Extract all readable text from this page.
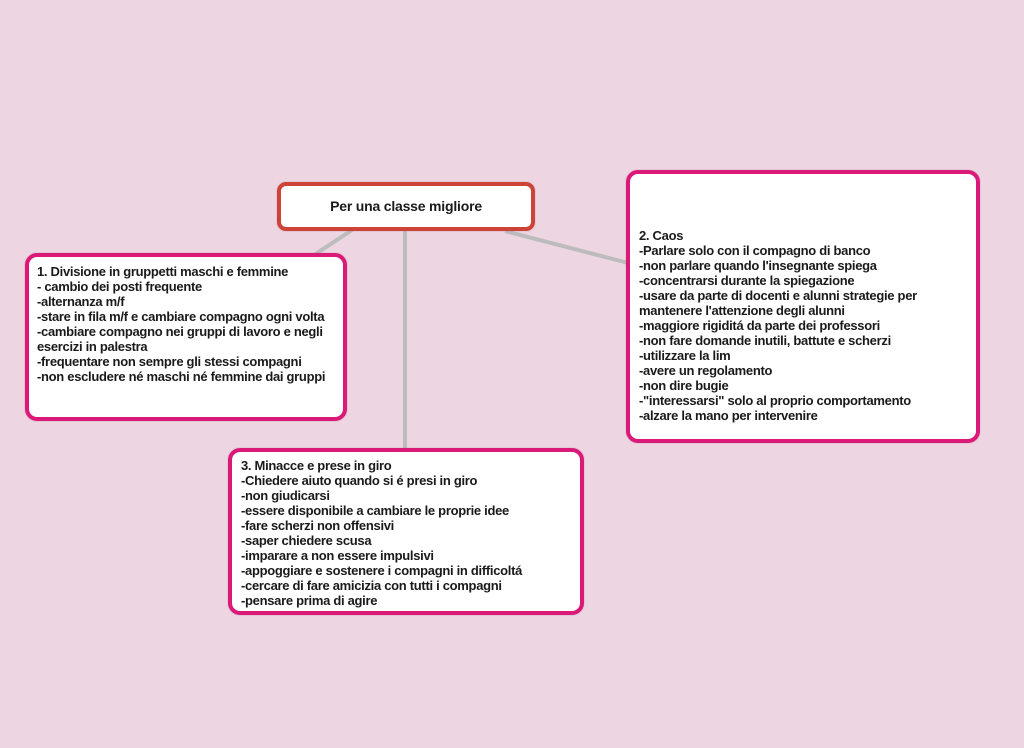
Per una classe migliore
1. Divisione in gruppetti maschi e femmine
- cambio dei posti frequente
-alternanza m/f
-stare in fila m/f e cambiare compagno ogni volta
-cambiare compagno nei gruppi di lavoro e negli esercizi in palestra
-frequentare non sempre gli stessi compagni
-non escludere né maschi né femmine dai gruppi
2. Caos
-Parlare solo con il compagno di banco
-non parlare quando l'insegnante spiega
-concentrarsi durante la spiegazione
-usare da parte di docenti e alunni strategie per mantenere l'attenzione degli alunni
-maggiore rigiditá da parte dei professori
-non fare domande inutili, battute e scherzi
-utilizzare la lim
-avere un regolamento
-non dire bugie
-"interessarsi" solo al proprio comportamento
-alzare la mano per intervenire
3. Minacce e prese in giro
-Chiedere aiuto quando si é presi in giro
-non giudicarsi
-essere disponibile a cambiare le proprie idee
-fare scherzi non offensivi
-saper chiedere scusa
-imparare a non essere impulsivi
-appoggiare e sostenere i compagni in difficoltá
-cercare di fare amicizia con tutti i compagni
-pensare prima di agire
